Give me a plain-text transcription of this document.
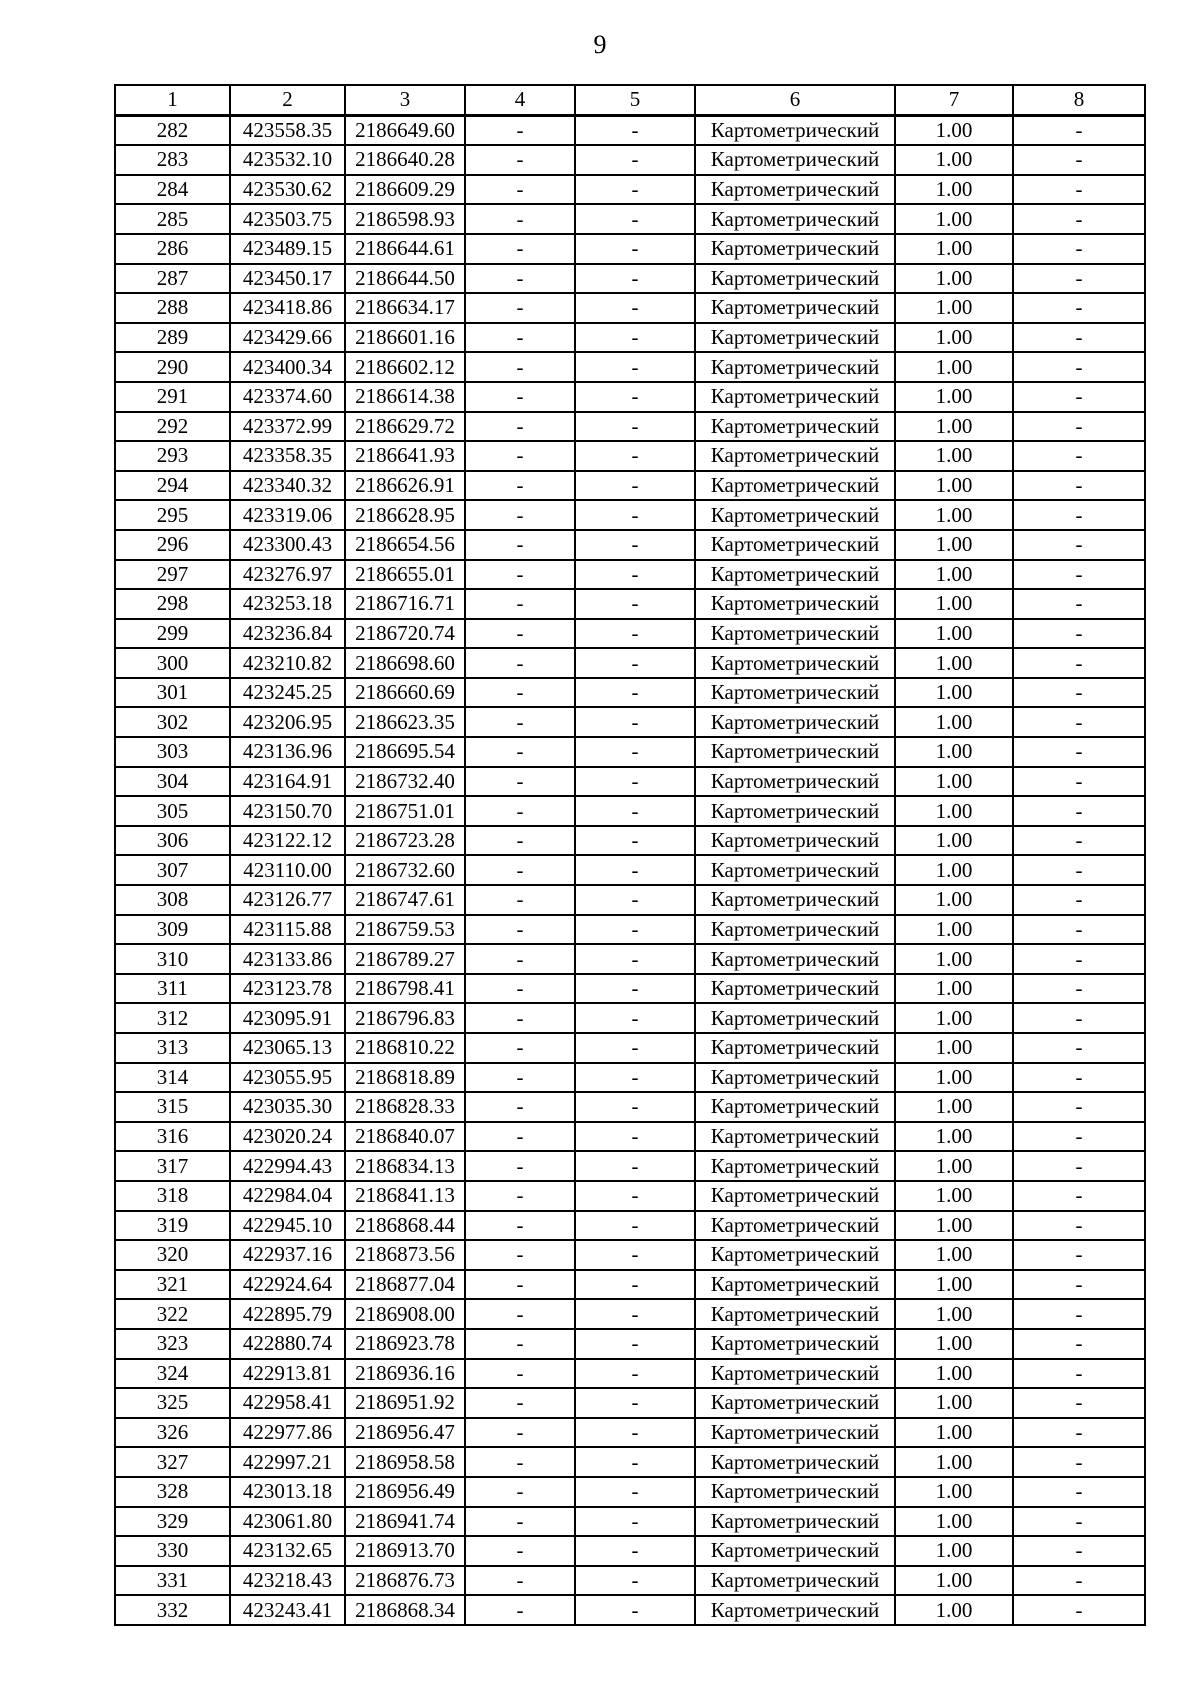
9
1	2	3	4	5	6	7	8
282	423558.35	2186649.60	-	-	Картометрический	1.00	-
283	423532.10	2186640.28	-	-	Картометрический	1.00	-
284	423530.62	2186609.29	-	-	Картометрический	1.00	-
285	423503.75	2186598.93	-	-	Картометрический	1.00	-
286	423489.15	2186644.61	-	-	Картометрический	1.00	-
287	423450.17	2186644.50	-	-	Картометрический	1.00	-
288	423418.86	2186634.17	-	-	Картометрический	1.00	-
289	423429.66	2186601.16	-	-	Картометрический	1.00	-
290	423400.34	2186602.12	-	-	Картометрический	1.00	-
291	423374.60	2186614.38	-	-	Картометрический	1.00	-
292	423372.99	2186629.72	-	-	Картометрический	1.00	-
293	423358.35	2186641.93	-	-	Картометрический	1.00	-
294	423340.32	2186626.91	-	-	Картометрический	1.00	-
295	423319.06	2186628.95	-	-	Картометрический	1.00	-
296	423300.43	2186654.56	-	-	Картометрический	1.00	-
297	423276.97	2186655.01	-	-	Картометрический	1.00	-
298	423253.18	2186716.71	-	-	Картометрический	1.00	-
299	423236.84	2186720.74	-	-	Картометрический	1.00	-
300	423210.82	2186698.60	-	-	Картометрический	1.00	-
301	423245.25	2186660.69	-	-	Картометрический	1.00	-
302	423206.95	2186623.35	-	-	Картометрический	1.00	-
303	423136.96	2186695.54	-	-	Картометрический	1.00	-
304	423164.91	2186732.40	-	-	Картометрический	1.00	-
305	423150.70	2186751.01	-	-	Картометрический	1.00	-
306	423122.12	2186723.28	-	-	Картометрический	1.00	-
307	423110.00	2186732.60	-	-	Картометрический	1.00	-
308	423126.77	2186747.61	-	-	Картометрический	1.00	-
309	423115.88	2186759.53	-	-	Картометрический	1.00	-
310	423133.86	2186789.27	-	-	Картометрический	1.00	-
311	423123.78	2186798.41	-	-	Картометрический	1.00	-
312	423095.91	2186796.83	-	-	Картометрический	1.00	-
313	423065.13	2186810.22	-	-	Картометрический	1.00	-
314	423055.95	2186818.89	-	-	Картометрический	1.00	-
315	423035.30	2186828.33	-	-	Картометрический	1.00	-
316	423020.24	2186840.07	-	-	Картометрический	1.00	-
317	422994.43	2186834.13	-	-	Картометрический	1.00	-
318	422984.04	2186841.13	-	-	Картометрический	1.00	-
319	422945.10	2186868.44	-	-	Картометрический	1.00	-
320	422937.16	2186873.56	-	-	Картометрический	1.00	-
321	422924.64	2186877.04	-	-	Картометрический	1.00	-
322	422895.79	2186908.00	-	-	Картометрический	1.00	-
323	422880.74	2186923.78	-	-	Картометрический	1.00	-
324	422913.81	2186936.16	-	-	Картометрический	1.00	-
325	422958.41	2186951.92	-	-	Картометрический	1.00	-
326	422977.86	2186956.47	-	-	Картометрический	1.00	-
327	422997.21	2186958.58	-	-	Картометрический	1.00	-
328	423013.18	2186956.49	-	-	Картометрический	1.00	-
329	423061.80	2186941.74	-	-	Картометрический	1.00	-
330	423132.65	2186913.70	-	-	Картометрический	1.00	-
331	423218.43	2186876.73	-	-	Картометрический	1.00	-
332	423243.41	2186868.34	-	-	Картометрический	1.00	-
